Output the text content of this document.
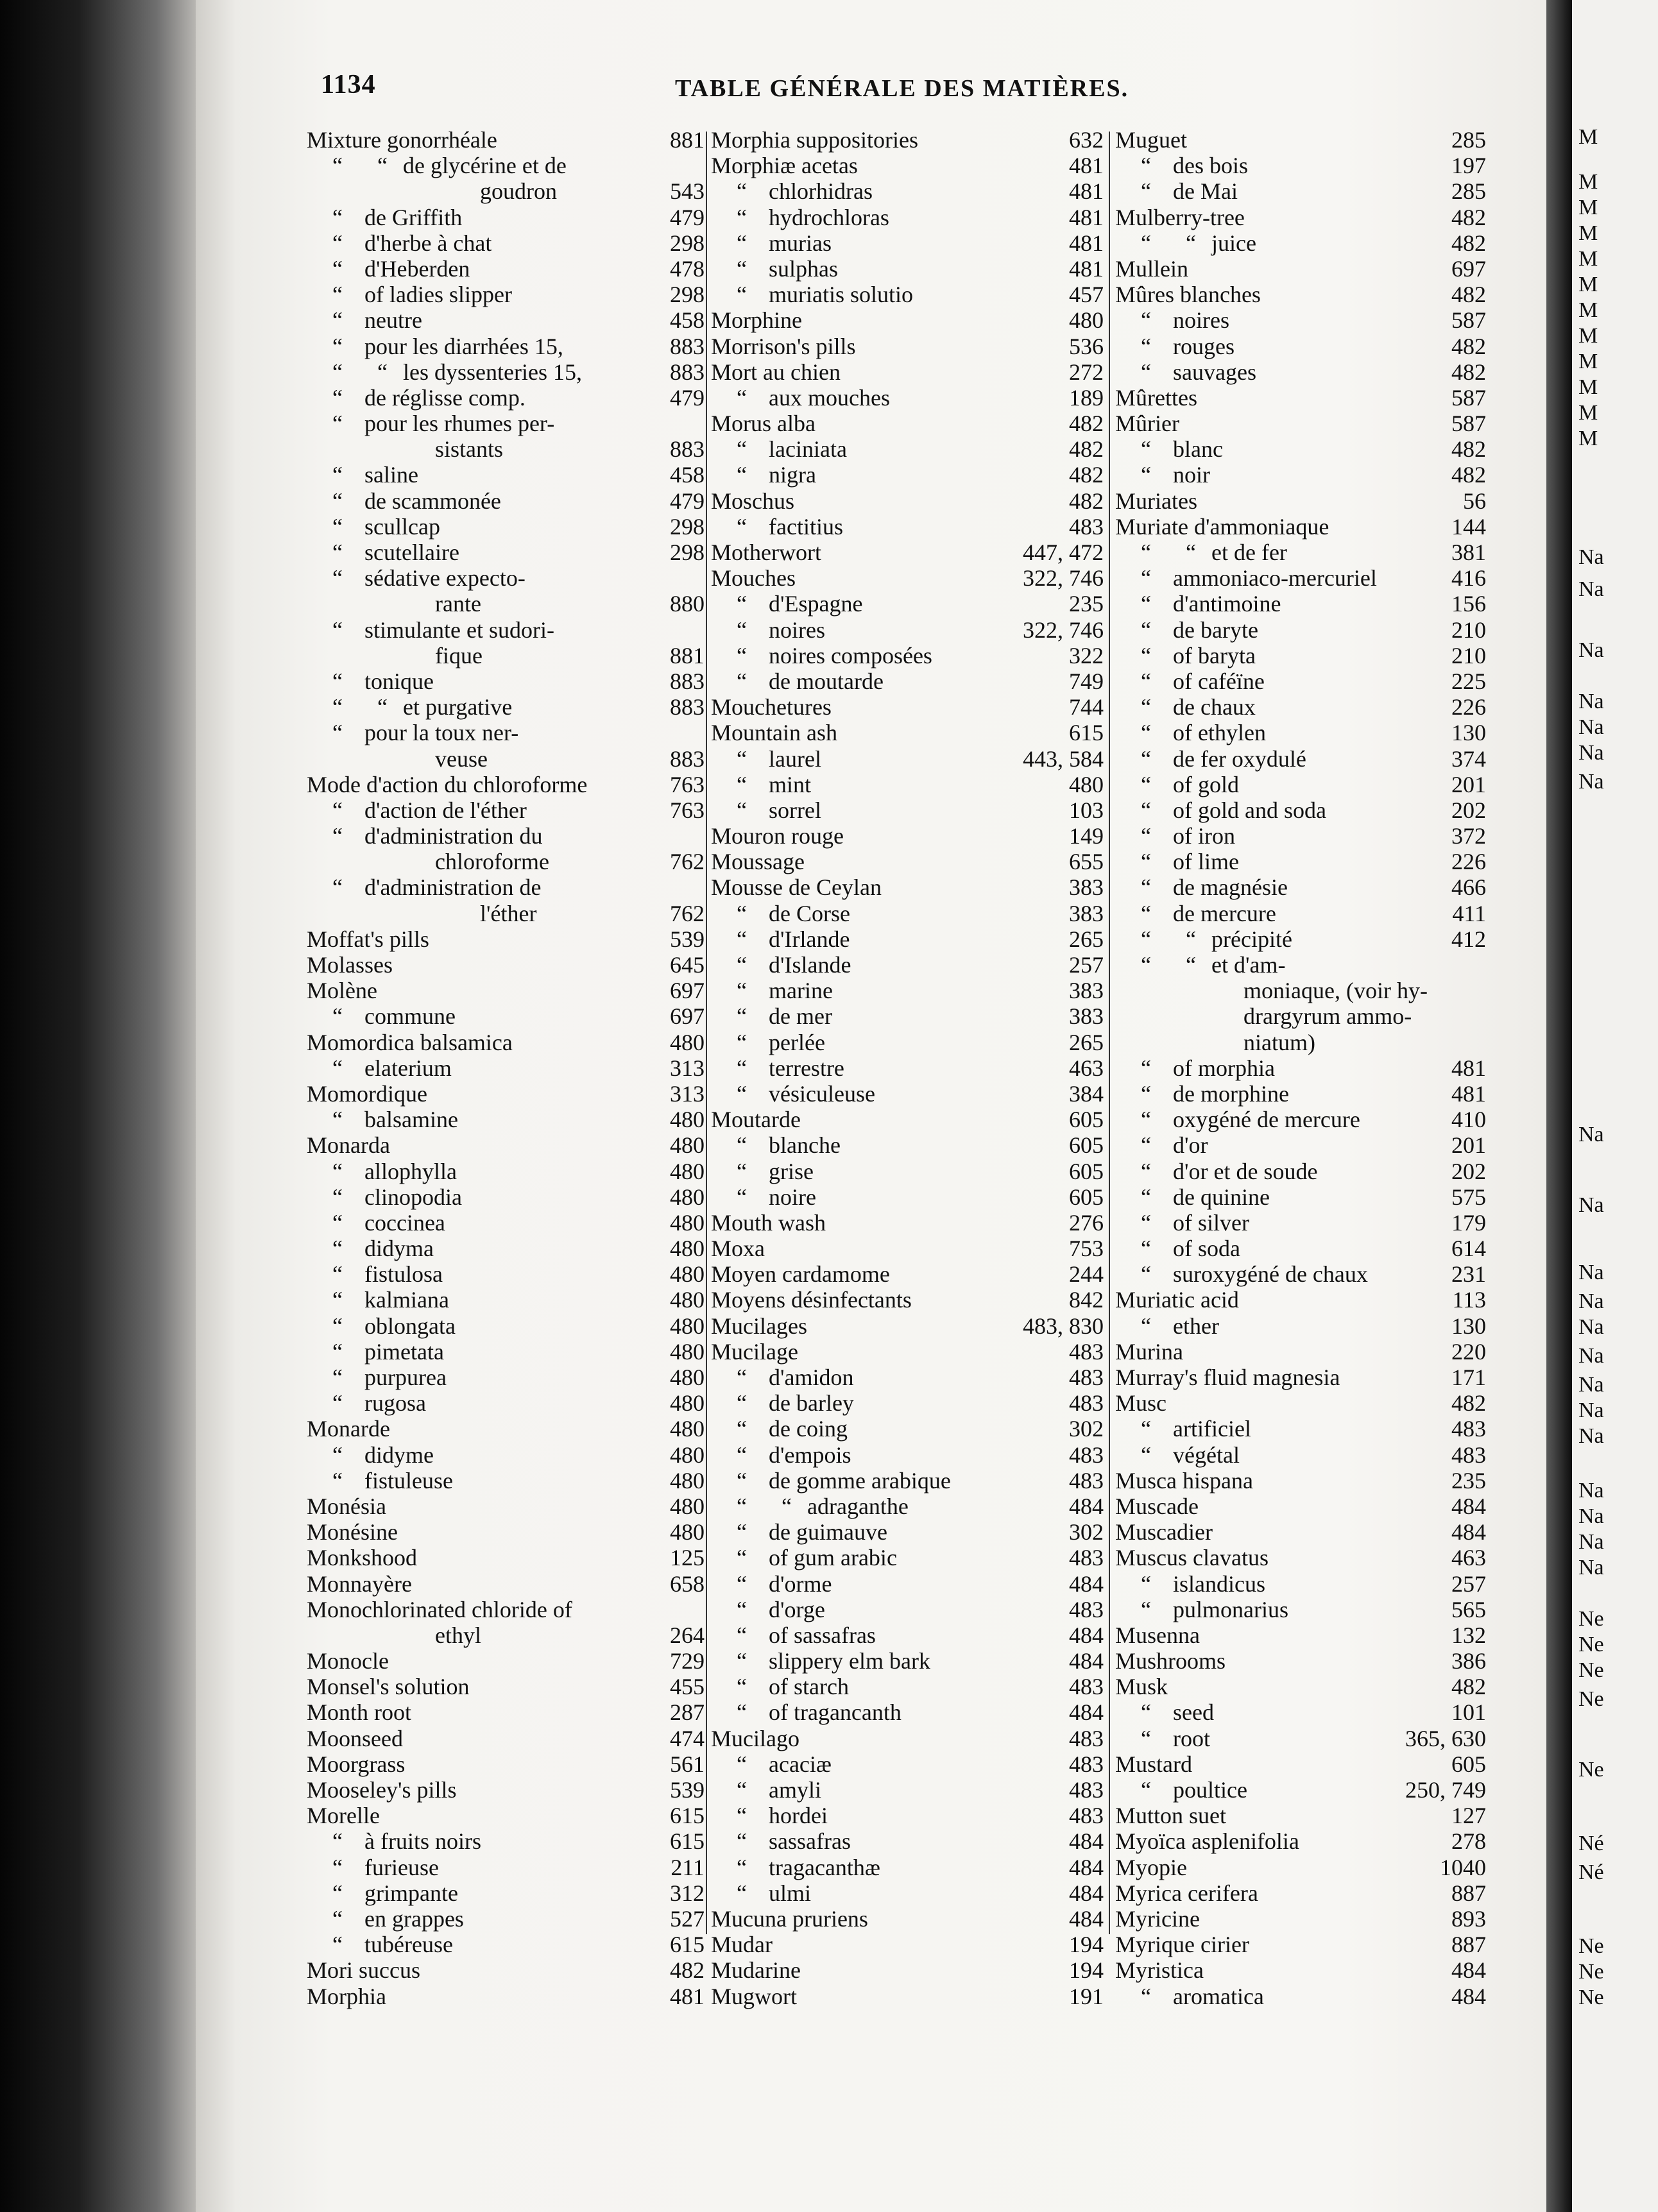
M
M
M
M
M
M
M
M
M
M
M
M
Na
Na
Na
Na
Na
Na
Na
Na
Na
Na
Na
Na
Na
Na
Na
Na
Na
Na
Na
Na
Ne
Ne
Ne
Ne
Ne
Né
Né
Ne
Ne
Ne
1134	TABLE GÉNÉRALE DES MATIÈRES.
Mixture gonorrhéale	881
“ “ de glycérine et de
goudron	543
“ de Griffith	479
“ d'herbe à chat	298
“ d'Heberden	478
“ of ladies slipper	298
“ neutre	458
“ pour les diarrhées 15,	883
“ “ les dyssenteries 15,	883
“ de réglisse comp.	479
“ pour les rhumes per-
sistants	883
“ saline	458
“ de scammonée	479
“ scullcap	298
“ scutellaire	298
“ sédative expecto-
rante	880
“ stimulante et sudori-
fique	881
“ tonique	883
“ “ et purgative	883
“ pour la toux ner-
veuse	883
Mode d'action du chloroforme	763
“ d'action de l'éther	763
“ d'administration du
chloroforme	762
“ d'administration de
l'éther	762
Moffat's pills	539
Molasses	645
Molène	697
“ commune	697
Momordica balsamica	480
“ elaterium	313
Momordique	313
“ balsamine	480
Monarda	480
“ allophylla	480
“ clinopodia	480
“ coccinea	480
“ didyma	480
“ fistulosa	480
“ kalmiana	480
“ oblongata	480
“ pimetata	480
“ purpurea	480
“ rugosa	480
Monarde	480
“ didyme	480
“ fistuleuse	480
Monésia	480
Monésine	480
Monkshood	125
Monnayère	658
Monochlorinated chloride of
ethyl	264
Monocle	729
Monsel's solution	455
Month root	287
Moonseed	474
Moorgrass	561
Mooseley's pills	539
Morelle	615
“ à fruits noirs	615
“ furieuse	211
“ grimpante	312
“ en grappes	527
“ tubéreuse	615
Mori succus	482
Morphia	481
Morphia suppositories	632
Morphiæ acetas	481
“ chlorhidras	481
“ hydrochloras	481
“ murias	481
“ sulphas	481
“ muriatis solutio	457
Morphine	480
Morrison's pills	536
Mort au chien	272
“ aux mouches	189
Morus alba	482
“ laciniata	482
“ nigra	482
Moschus	482
“ factitius	483
Motherwort	447, 472
Mouches	322, 746
“ d'Espagne	235
“ noires	322, 746
“ noires composées	322
“ de moutarde	749
Mouchetures	744
Mountain ash	615
“ laurel	443, 584
“ mint	480
“ sorrel	103
Mouron rouge	149
Moussage	655
Mousse de Ceylan	383
“ de Corse	383
“ d'Irlande	265
“ d'Islande	257
“ marine	383
“ de mer	383
“ perlée	265
“ terrestre	463
“ vésiculeuse	384
Moutarde	605
“ blanche	605
“ grise	605
“ noire	605
Mouth wash	276
Moxa	753
Moyen cardamome	244
Moyens désinfectants	842
Mucilages	483, 830
Mucilage	483
“ d'amidon	483
“ de barley	483
“ de coing	302
“ d'empois	483
“ de gomme arabique	483
“ “ adraganthe	484
“ de guimauve	302
“ of gum arabic	483
“ d'orme	484
“ d'orge	483
“ of sassafras	484
“ slippery elm bark	484
“ of starch	483
“ of tragancanth	484
Mucilago	483
“ acaciæ	483
“ amyli	483
“ hordei	483
“ sassafras	484
“ tragacanthæ	484
“ ulmi	484
Mucuna pruriens	484
Mudar	194
Mudarine	194
Mugwort	191
Muguet	285
“ des bois	197
“ de Mai	285
Mulberry-tree	482
“ “ juice	482
Mullein	697
Mûres blanches	482
“ noires	587
“ rouges	482
“ sauvages	482
Mûrettes	587
Mûrier	587
“ blanc	482
“ noir	482
Muriates	56
Muriate d'ammoniaque	144
“ “ et de fer	381
“ ammoniaco-mercuriel	416
“ d'antimoine	156
“ de baryte	210
“ of baryta	210
“ of caféïne	225
“ de chaux	226
“ of ethylen	130
“ de fer oxydulé	374
“ of gold	201
“ of gold and soda	202
“ of iron	372
“ of lime	226
“ de magnésie	466
“ de mercure	411
“ “ précipité	412
“ “ et d'am-
moniaque, (voir hy-
drargyrum ammo-
niatum)
“ of morphia	481
“ de morphine	481
“ oxygéné de mercure	410
“ d'or	201
“ d'or et de soude	202
“ de quinine	575
“ of silver	179
“ of soda	614
“ suroxygéné de chaux	231
Muriatic acid	113
“ ether	130
Murina	220
Murray's fluid magnesia	171
Musc	482
“ artificiel	483
“ végétal	483
Musca hispana	235
Muscade	484
Muscadier	484
Muscus clavatus	463
“ islandicus	257
“ pulmonarius	565
Musenna	132
Mushrooms	386
Musk	482
“ seed	101
“ root	365, 630
Mustard	605
“ poultice	250, 749
Mutton suet	127
Myoïca asplenifolia	278
Myopie	1040
Myrica cerifera	887
Myricine	893
Myrique cirier	887
Myristica	484
“ aromatica	484
